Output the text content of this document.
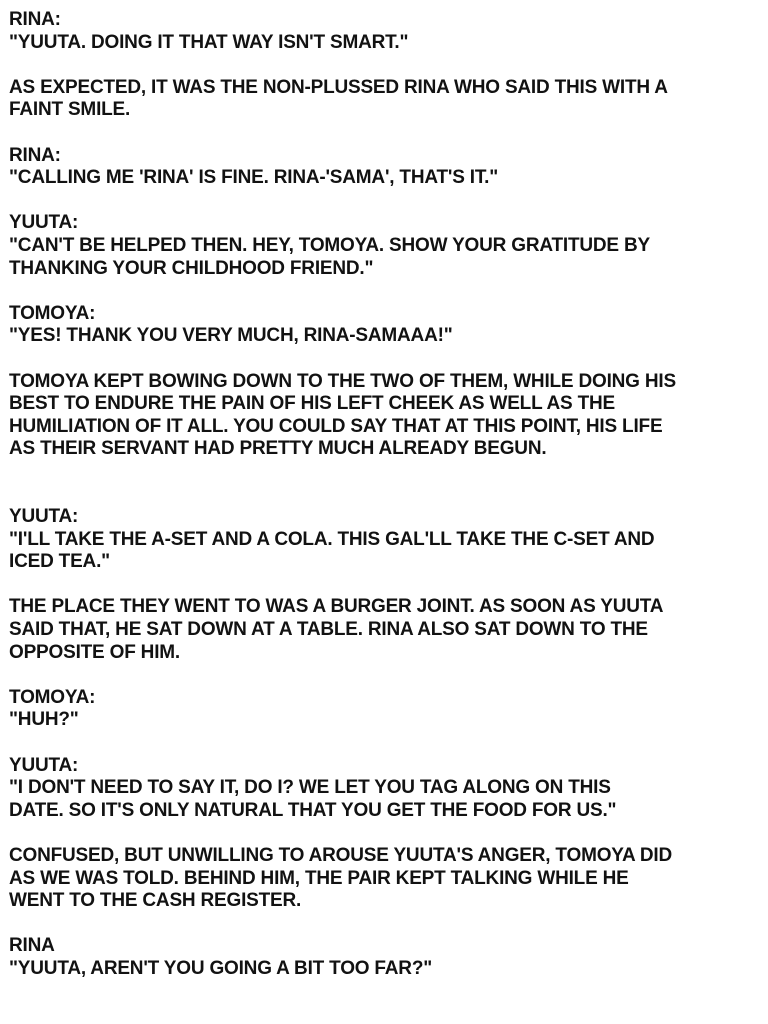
RINA:
"YUUTA. DOING IT THAT WAY ISN'T SMART."

AS EXPECTED, IT WAS THE NON-PLUSSED RINA WHO SAID THIS WITH A
FAINT SMILE.

RINA:
"CALLING ME 'RINA' IS FINE. RINA-'SAMA', THAT'S IT."

YUUTA:
"CAN'T BE HELPED THEN. HEY, TOMOYA. SHOW YOUR GRATITUDE BY
THANKING YOUR CHILDHOOD FRIEND."

TOMOYA:
"YES! THANK YOU VERY MUCH, RINA-SAMAAA!"

TOMOYA KEPT BOWING DOWN TO THE TWO OF THEM, WHILE DOING HIS
BEST TO ENDURE THE PAIN OF HIS LEFT CHEEK AS WELL AS THE
HUMILIATION OF IT ALL. YOU COULD SAY THAT AT THIS POINT, HIS LIFE
AS THEIR SERVANT HAD PRETTY MUCH ALREADY BEGUN.

YUUTA:
"I'LL TAKE THE A-SET AND A COLA. THIS GAL'LL TAKE THE C-SET AND
ICED TEA."

THE PLACE THEY WENT TO WAS A BURGER JOINT. AS SOON AS YUUTA
SAID THAT, HE SAT DOWN AT A TABLE. RINA ALSO SAT DOWN TO THE
OPPOSITE OF HIM.

TOMOYA:
"HUH?"

YUUTA:
"I DON'T NEED TO SAY IT, DO I? WE LET YOU TAG ALONG ON THIS
DATE. SO IT'S ONLY NATURAL THAT YOU GET THE FOOD FOR US."

CONFUSED, BUT UNWILLING TO AROUSE YUUTA'S ANGER, TOMOYA DID
AS WE WAS TOLD. BEHIND HIM, THE PAIR KEPT TALKING WHILE HE
WENT TO THE CASH REGISTER.

RINA
"YUUTA, AREN'T YOU GOING A BIT TOO FAR?"
